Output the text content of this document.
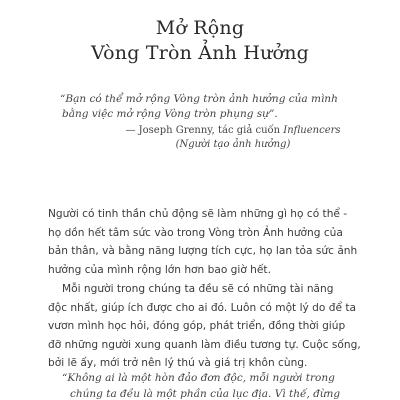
Mở Rộng
Vòng Tròn Ảnh Hưởng
“Bạn có thể mở rộng Vòng tròn ảnh hưởng của mình
bằng việc mở rộng Vòng tròn phụng sự”.
— Joseph Grenny, tác giả cuốn Influencers
(Người tạo ảnh hưởng)
Người có tinh thần chủ động sẽ làm những gì họ có thể -
họ dồn hết tâm sức vào trong Vòng tròn Ảnh hưởng của
bản thân, và bằng năng lượng tích cực, họ lan tỏa sức ảnh
hưởng của mình rộng lớn hơn bao giờ hết.
Mỗi người trong chúng ta đều sẽ có những tài năng
độc nhất, giúp ích được cho ai đó. Luôn có một lý do để ta
vươn mình học hỏi, đóng góp, phát triển, đồng thời giúp
đỡ những người xung quanh làm điều tương tự. Cuộc sống,
bởi lẽ ấy, mới trở nên lý thú và giá trị khôn cùng.
“Không ai là một hòn đảo đơn độc, mỗi người trong
chúng ta đều là một phần của lục địa. Vì thế, đừng
